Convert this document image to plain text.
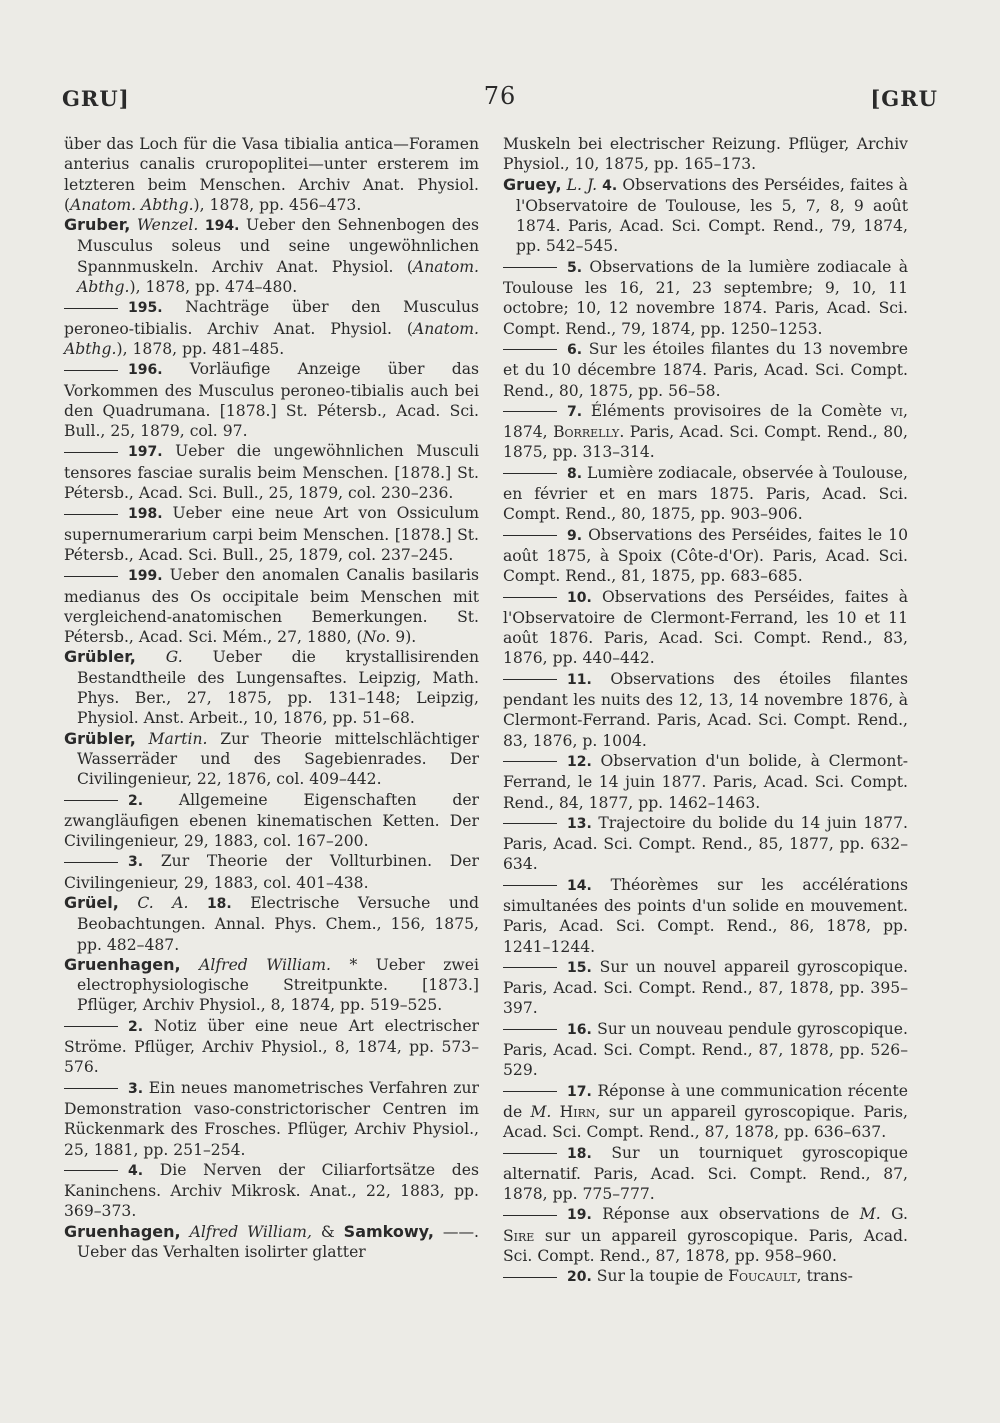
GRU]	76	[GRU

über das Loch für die Vasa tibialia antica—Foramen anterius canalis cruropoplitei—unter ersterem im letzteren beim Menschen. Archiv Anat. Physiol. (Anatom. Abthg.), 1878, pp. 456–473.

Gruber, Wenzel. 194. Ueber den Sehnenbogen des Musculus soleus und seine ungewöhnlichen Spannmuskeln. Archiv Anat. Physiol. (Anatom. Abthg.), 1878, pp. 474–480.

195. Nachträge über den Musculus peroneo-tibialis. Archiv Anat. Physiol. (Anatom. Abthg.), 1878, pp. 481–485.

196. Vorläufige Anzeige über das Vorkommen des Musculus peroneo-tibialis auch bei den Quadrumana. [1878.] St. Pétersb., Acad. Sci. Bull., 25, 1879, col. 97.

197. Ueber die ungewöhnlichen Musculi tensores fasciae suralis beim Menschen. [1878.] St. Pétersb., Acad. Sci. Bull., 25, 1879, col. 230–236.

198. Ueber eine neue Art von Ossiculum supernumerarium carpi beim Menschen. [1878.] St. Pétersb., Acad. Sci. Bull., 25, 1879, col. 237–245.

199. Ueber den anomalen Canalis basilaris medianus des Os occipitale beim Menschen mit vergleichend-anatomischen Bemerkungen. St. Pétersb., Acad. Sci. Mém., 27, 1880, (No. 9).

Grübler, G. Ueber die krystallisirenden Bestandtheile des Lungensaftes. Leipzig, Math. Phys. Ber., 27, 1875, pp. 131–148; Leipzig, Physiol. Anst. Arbeit., 10, 1876, pp. 51–68.

Grübler, Martin. Zur Theorie mittelschlächtiger Wasserräder und des Sagebienrades. Der Civilingenieur, 22, 1876, col. 409–442.

2. Allgemeine Eigenschaften der zwangläufigen ebenen kinematischen Ketten. Der Civilingenieur, 29, 1883, col. 167–200.

3. Zur Theorie der Vollturbinen. Der Civilingenieur, 29, 1883, col. 401–438.

Grüel, C. A. 18. Electrische Versuche und Beobachtungen. Annal. Phys. Chem., 156, 1875, pp. 482–487.

Gruenhagen, Alfred William. * Ueber zwei electrophysiologische Streitpunkte. [1873.] Pflüger, Archiv Physiol., 8, 1874, pp. 519–525.

2. Notiz über eine neue Art electrischer Ströme. Pflüger, Archiv Physiol., 8, 1874, pp. 573–576.

3. Ein neues manometrisches Verfahren zur Demonstration vaso-constrictorischer Centren im Rückenmark des Frosches. Pflüger, Archiv Physiol., 25, 1881, pp. 251–254.

4. Die Nerven der Ciliarfortsätze des Kaninchens. Archiv Mikrosk. Anat., 22, 1883, pp. 369–373.

Gruenhagen, Alfred William, & Samkowy, ——. Ueber das Verhalten isolirter glatter

Muskeln bei electrischer Reizung. Pflüger, Archiv Physiol., 10, 1875, pp. 165–173.

Gruey, L. J. 4. Observations des Perséides, faites à l'Observatoire de Toulouse, les 5, 7, 8, 9 août 1874. Paris, Acad. Sci. Compt. Rend., 79, 1874, pp. 542–545.

5. Observations de la lumière zodiacale à Toulouse les 16, 21, 23 septembre; 9, 10, 11 octobre; 10, 12 novembre 1874. Paris, Acad. Sci. Compt. Rend., 79, 1874, pp. 1250–1253.

6. Sur les étoiles filantes du 13 novembre et du 10 décembre 1874. Paris, Acad. Sci. Compt. Rend., 80, 1875, pp. 56–58.

7. Éléments provisoires de la Comète vi, 1874, Borrelly. Paris, Acad. Sci. Compt. Rend., 80, 1875, pp. 313–314.

8. Lumière zodiacale, observée à Toulouse, en février et en mars 1875. Paris, Acad. Sci. Compt. Rend., 80, 1875, pp. 903–906.

9. Observations des Perséides, faites le 10 août 1875, à Spoix (Côte-d'Or). Paris, Acad. Sci. Compt. Rend., 81, 1875, pp. 683–685.

10. Observations des Perséides, faites à l'Observatoire de Clermont-Ferrand, les 10 et 11 août 1876. Paris, Acad. Sci. Compt. Rend., 83, 1876, pp. 440–442.

11. Observations des étoiles filantes pendant les nuits des 12, 13, 14 novembre 1876, à Clermont-Ferrand. Paris, Acad. Sci. Compt. Rend., 83, 1876, p. 1004.

12. Observation d'un bolide, à Clermont-Ferrand, le 14 juin 1877. Paris, Acad. Sci. Compt. Rend., 84, 1877, pp. 1462–1463.

13. Trajectoire du bolide du 14 juin 1877. Paris, Acad. Sci. Compt. Rend., 85, 1877, pp. 632–634.

14. Théorèmes sur les accélérations simultanées des points d'un solide en mouvement. Paris, Acad. Sci. Compt. Rend., 86, 1878, pp. 1241–1244.

15. Sur un nouvel appareil gyroscopique. Paris, Acad. Sci. Compt. Rend., 87, 1878, pp. 395–397.

16. Sur un nouveau pendule gyroscopique. Paris, Acad. Sci. Compt. Rend., 87, 1878, pp. 526–529.

17. Réponse à une communication récente de M. Hirn, sur un appareil gyroscopique. Paris, Acad. Sci. Compt. Rend., 87, 1878, pp. 636–637.

18. Sur un tourniquet gyroscopique alternatif. Paris, Acad. Sci. Compt. Rend., 87, 1878, pp. 775–777.

19. Réponse aux observations de M. G. Sire sur un appareil gyroscopique. Paris, Acad. Sci. Compt. Rend., 87, 1878, pp. 958–960.

20. Sur la toupie de Foucault, trans-
